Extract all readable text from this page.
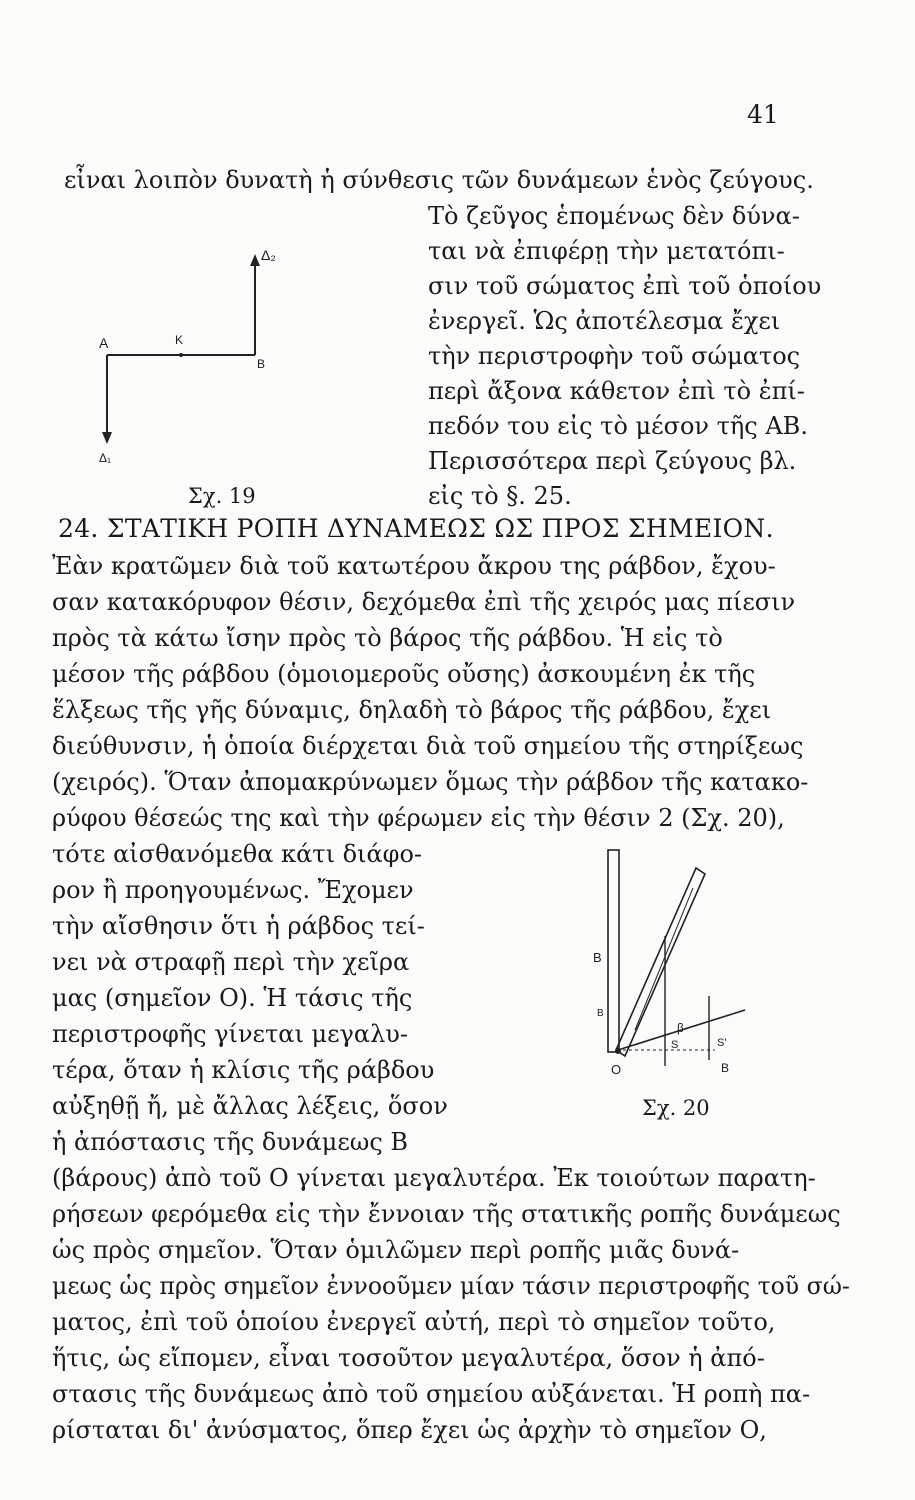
41
εἶναι λοιπὸν δυνατὴ ἡ σύνθεσις τῶν δυνάμεων ἑνὸς ζεύγους.
Δ₂
A	K
B
Δ₁
Σχ. 19
Τὸ ζεῦγος ἑπομένως δὲν δύνα-
ται νὰ ἐπιφέρῃ τὴν μετατόπι-
σιν τοῦ σώματος ἐπὶ τοῦ ὁποίου
ἐνεργεῖ. Ὡς ἀποτέλεσμα ἔχει
τὴν περιστροφὴν τοῦ σώματος
περὶ ἄξονα κάθετον ἐπὶ τὸ ἐπί-
πεδόν του εἰς τὸ μέσον τῆς ΑΒ.
Περισσότερα περὶ ζεύγους βλ.
εἰς τὸ §. 25.
24. ΣΤΑΤΙΚΗ ΡΟΠΗ ΔΥΝΑΜΕΩΣ ΩΣ ΠΡΟΣ ΣΗΜΕΙΟΝ.
Ἐὰν κρατῶμεν διὰ τοῦ κατωτέρου ἄκρου της ράβδον, ἔχου-
σαν κατακόρυφον θέσιν, δεχόμεθα ἐπὶ τῆς χειρός μας πίεσιν
πρὸς τὰ κάτω ἴσην πρὸς τὸ βάρος τῆς ράβδου. Ἡ εἰς τὸ
μέσον τῆς ράβδου (ὁμοιομεροῦς οὔσης) ἀσκουμένη ἐκ τῆς
ἕλξεως τῆς γῆς δύναμις, δηλαδὴ τὸ βάρος τῆς ράβδου, ἔχει
διεύθυνσιν, ἡ ὁποία διέρχεται διὰ τοῦ σημείου τῆς στηρίξεως
(χειρός). Ὅταν ἀπομακρύνωμεν ὅμως τὴν ράβδον τῆς κατακο-
ρύφου θέσεώς της καὶ τὴν φέρωμεν εἰς τὴν θέσιν 2 (Σχ. 20),
τότε αἰσθανόμεθα κάτι διάφο-
ρον ἢ προηγουμένως. Ἔχομεν
τὴν αἴσθησιν ὅτι ἡ ράβδος τεί-
νει νὰ στραφῇ περὶ τὴν χεῖρα
μας (σημεῖον Ο). Ἡ τάσις τῆς
περιστροφῆς γίνεται μεγαλυ-
τέρα, ὅταν ἡ κλίσις τῆς ράβδου
αὐξηθῇ ἤ, μὲ ἄλλας λέξεις, ὅσον
ἡ ἀπόστασις τῆς δυνάμεως Β
B
B
β
S	S'
O	B
Σχ. 20
(βάρους) ἀπὸ τοῦ Ο γίνεται μεγαλυτέρα. Ἐκ τοιούτων παρατη-
ρήσεων φερόμεθα εἰς τὴν ἔννοιαν τῆς στατικῆς ροπῆς δυνάμεως
ὡς πρὸς σημεῖον. Ὅταν ὁμιλῶμεν περὶ ροπῆς μιᾶς δυνά-
μεως ὡς πρὸς σημεῖον ἐννοοῦμεν μίαν τάσιν περιστροφῆς τοῦ σώ-
ματος, ἐπὶ τοῦ ὁποίου ἐνεργεῖ αὐτή, περὶ τὸ σημεῖον τοῦτο,
ἥτις, ὡς εἴπομεν, εἶναι τοσοῦτον μεγαλυτέρα, ὅσον ἡ ἀπό-
στασις τῆς δυνάμεως ἀπὸ τοῦ σημείου αὐξάνεται. Ἡ ροπὴ πα-
ρίσταται δι' ἀνύσματος, ὅπερ ἔχει ὡς ἀρχὴν τὸ σημεῖον Ο,
